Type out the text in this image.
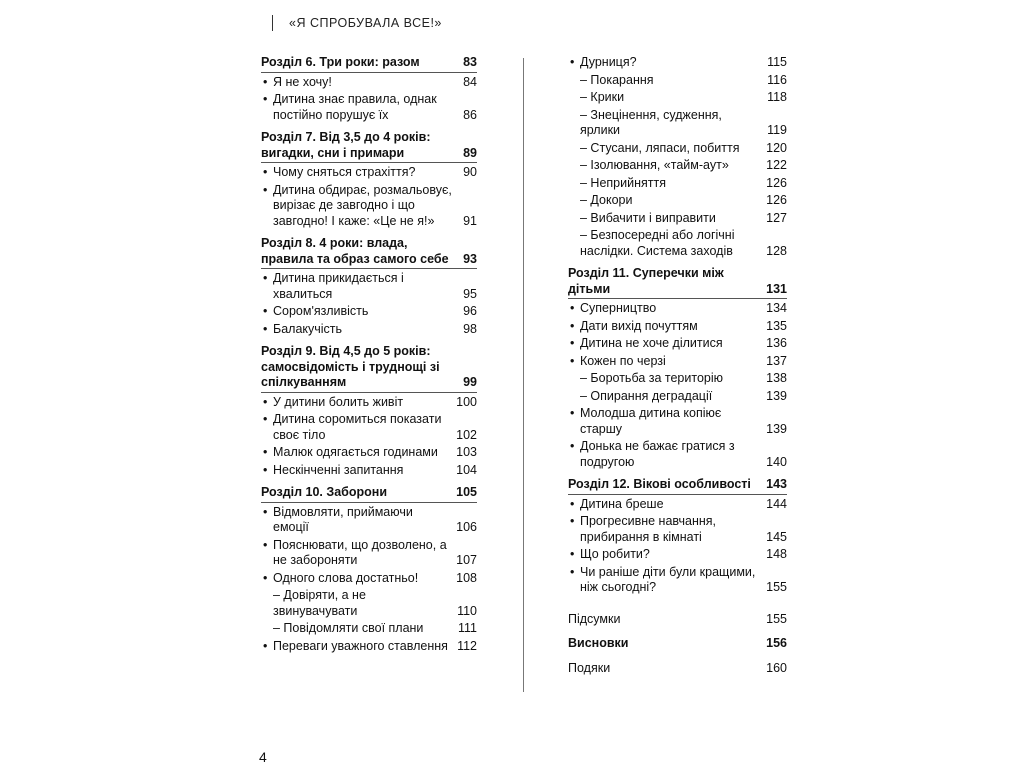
«Я СПРОБУВАЛА ВСЕ!»
Розділ 6. Три роки: разом	83
• Я не хочу!	84
• Дитина знає правила, однак постійно порушує їх	86
Розділ 7. Від 3,5 до 4 років: вигадки, сни і примари	89
• Чому сняться страхіття?	90
• Дитина обдирає, розмальовує, вирізає де завгодно і що завгодно! І каже: «Це не я!»	91
Розділ 8. 4 роки: влада, правила та образ самого себе	93
• Дитина прикидається і хвалиться	95
• Сором'язливість	96
• Балакучість	98
Розділ 9. Від 4,5 до 5 років: самосвідомість і труднощі зі спілкуванням	99
• У дитини болить живіт	100
• Дитина соромиться показати своє тіло	102
• Малюк одягається годинами	103
• Нескінченні запитання	104
Розділ 10. Заборони	105
• Відмовляти, приймаючи емоції	106
• Пояснювати, що дозволено, а не забороняти	107
• Одного слова достатньо!	108
– Довіряти, а не звинувачувати	110
– Повідомляти свої плани	111
• Переваги уважного ставлення 112
• Дурниця?	115
– Покарання	116
– Крики	118
– Знецінення, судження, ярлики	119
– Стусани, ляпаси, побиття	120
– Ізолювання, «тайм-аут»	122
– Неприйняття	126
– Докори	126
– Вибачити і виправити	127
– Безпосередні або логічні наслідки. Система заходів	128
Розділ 11. Суперечки між дітьми	131
• Суперництво	134
• Дати вихід почуттям	135
• Дитина не хоче ділитися	136
• Кожен по черзі	137
– Боротьба за територію	138
– Опирання деградації	139
• Молодша дитина копіює старшу	139
• Донька не бажає гратися з подругою	140
Розділ 12. Вікові особливості	143
• Дитина бреше	144
• Прогресивне навчання, прибирання в кімнаті	145
• Що робити?	148
• Чи раніше діти були кращими, ніж сьогодні?	155
Підсумки	155
Висновки	156
Подяки	160
4
